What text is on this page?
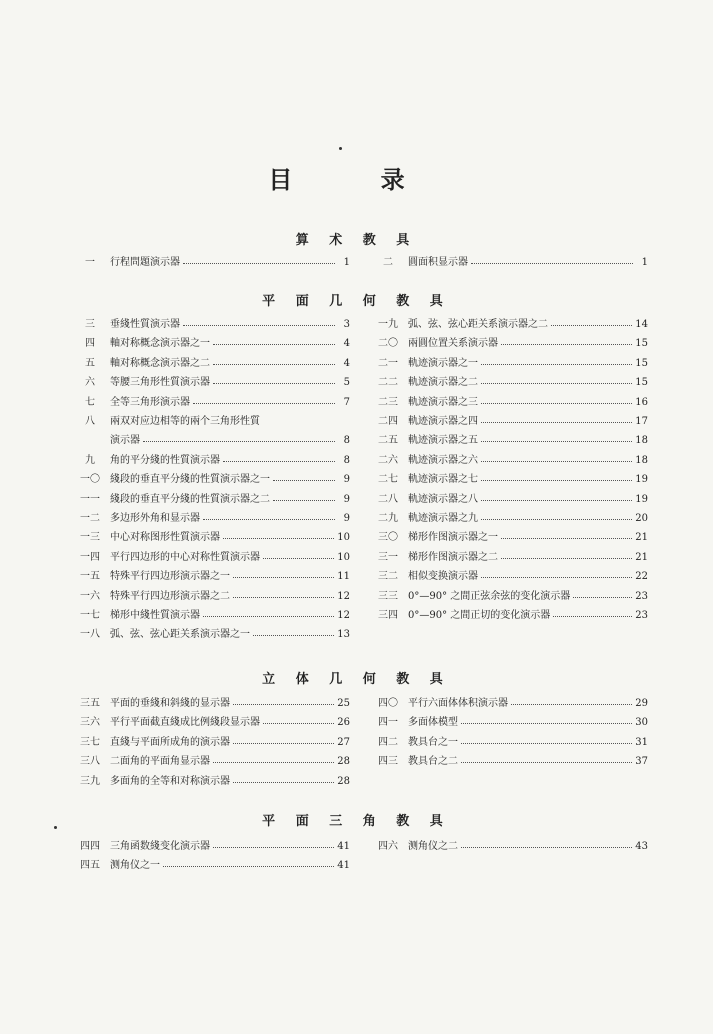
目 录
算 术 教 具
平 面 几 何 教 具
立 体 几 何 教 具
平 面 三 角 教 具
一	行程問題演示器	1	二	圓面积显示器	1
三	垂綫性質演示器	3
四	軸对称概念演示器之一	4
五	軸对称概念演示器之二	4
六	等腰三角形性質演示器	5
七	全等三角形演示器	7
八	兩双对应边相等的兩个三角形性質
演示器	8
九	角的平分綫的性質演示器	8
一〇	綫段的垂直平分綫的性質演示器之一	9
一一	綫段的垂直平分綫的性質演示器之二	9
一二	多边形外角和显示器	9
一三	中心对称图形性質演示器	10
一四	平行四边形的中心对称性質演示器	10
一五	特殊平行四边形演示器之一	11
一六	特殊平行四边形演示器之二	12
一七	梯形中綫性質演示器	12
一八	弧、弦、弦心距关系演示器之一	13
一九	弧、弦、弦心距关系演示器之二	14
二〇	兩圓位置关系演示器	15
二一	軌迹演示器之一	15
二二	軌迹演示器之二	15
二三	軌迹演示器之三	16
二四	軌迹演示器之四	17
二五	軌迹演示器之五	18
二六	軌迹演示器之六	18
二七	軌迹演示器之七	19
二八	軌迹演示器之八	19
二九	軌迹演示器之九	20
三〇	梯形作图演示器之一	21
三一	梯形作图演示器之二	21
三二	相似变换演示器	22
三三	0°—90° 之間正弦余弦的变化演示器	23
三四	0°—90° 之間正切的变化演示器	23
三五	平面的垂綫和斜綫的显示器	25
三六	平行平面截直綫成比例綫段显示器	26
三七	直綫与平面所成角的演示器	27
三八	二面角的平面角显示器	28
三九	多面角的全等和对称演示器	28
四〇	平行六面体体积演示器	29
四一	多面体模型	30
四二	教具台之一	31
四三	教具台之二	37
四四	三角函数綫变化演示器	41
四五	测角仪之一	41
四六	测角仪之二	43
